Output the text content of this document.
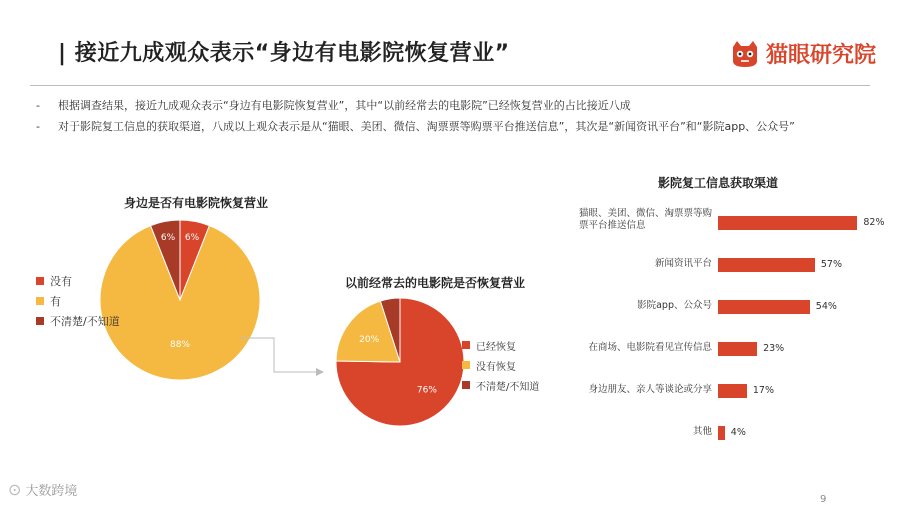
| 接近九成观众表示“身边有电影院恢复营业”	猫眼研究院
- 根据调查结果，接近九成观众表示“身边有电影院恢复营业”，其中“以前经常去的电影院”已经恢复营业的占比接近八成
- 对于影院复工信息的获取渠道，八成以上观众表示是从“猫眼、美团、微信、淘票票等购票平台推送信息”，其次是“新闻资讯平台”和“影院app、公众号”
身边是否有电影院恢复营业
6%
88%
6%
没有
有
不清楚/不知道
以前经常去的电影院是否恢复营业
76%
20%
已经恢复
没有恢复
不清楚/不知道
影院复工信息获取渠道
猫眼、美团、微信、淘票票等购
票平台推送信息	82%
新闻资讯平台	57%
影院app、公众号	54%
在商场、电影院看见宣传信息	23%
身边朋友、亲人等谈论或分享	17%
其他 4%
⊙ 大数跨境
9
